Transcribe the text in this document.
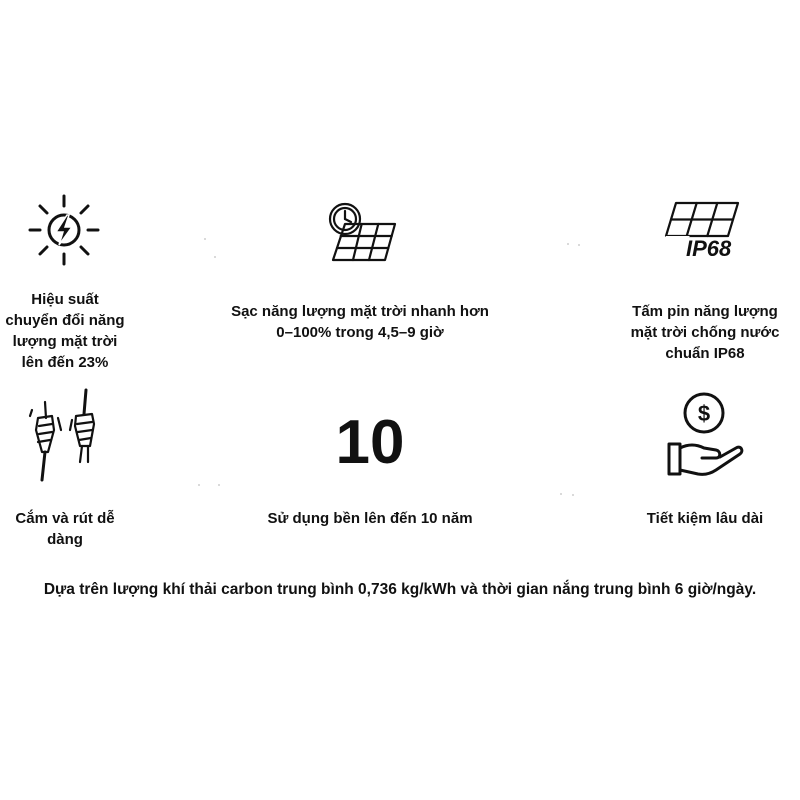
Hiệu suất
chuyển đổi năng
lượng mặt trời
lên đến 23%
Sạc năng lượng mặt trời nhanh hơn
0–100% trong 4,5–9 giờ
IP68
Tấm pin năng lượng
mặt trời chống nước
chuẩn IP68
Cắm và rút dễ
dàng
10
Sử dụng bền lên đến 10 năm
$
Tiết kiệm lâu dài
Dựa trên lượng khí thải carbon trung bình 0,736 kg/kWh và thời gian nắng trung bình 6 giờ/ngày.
